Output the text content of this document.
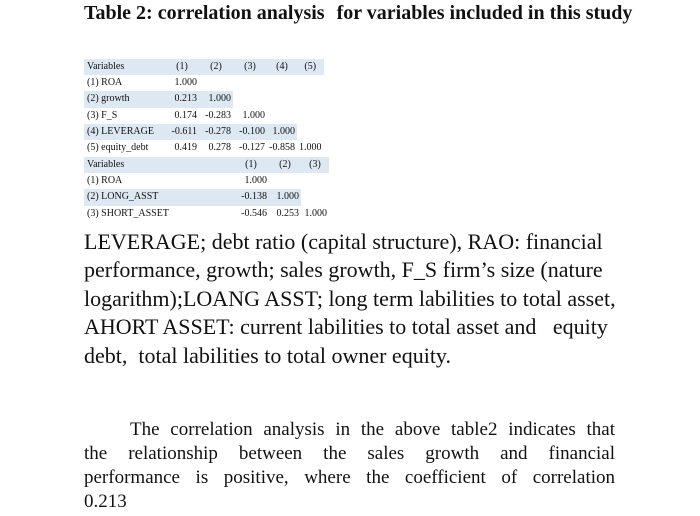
Table 2: correlation analysis for variables included in this study
Variables	(1)	(2)	(3)	(4)	(5)
(1) ROA	1.000				
(2) growth	0.213	1.000			
(3) F_S	0.174	-0.283	1.000		
(4) LEVERAGE	-0.611	-0.278	-0.100	1.000	
(5) equity_debt	0.419	0.278	-0.127	-0.858	1.000
Variables	(1)	(2)	(3)
(1) ROA	1.000		
(2) LONG_ASST	-0.138	1.000	
(3) SHORT_ASSET	-0.546	0.253	1.000

LEVERAGE; debt ratio (capital structure), RAO: financial performance, growth; sales growth, F_S firm’s size (nature logarithm);LOANG ASST; long term labilities to total asset, AHORT ASSET: current labilities to total asset and   equity debt,  total labilities to total owner equity.

The correlation analysis in the above table2 indicates that
the relationship between the sales growth and financial
performance is positive, where the coefficient of correlation
0.213
